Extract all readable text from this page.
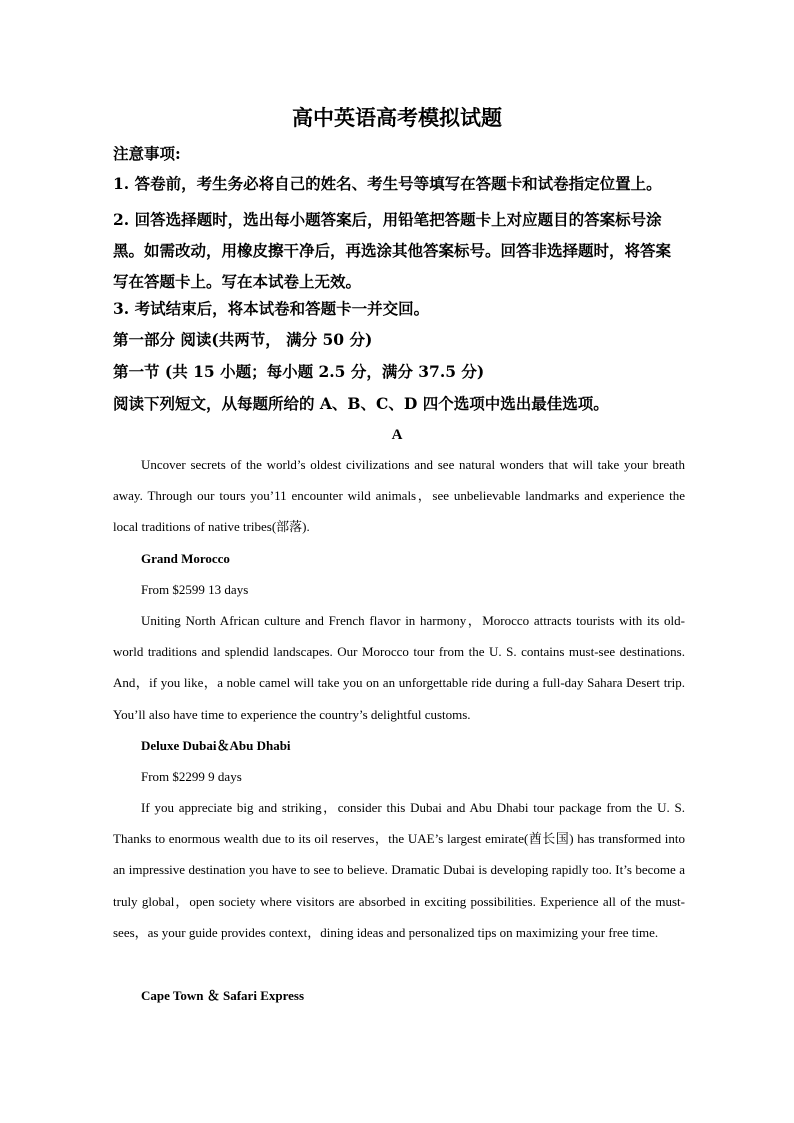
高中英语高考模拟试题
注意事项:
1. 答卷前，考生务必将自己的姓名、考生号等填写在答题卡和试卷指定位置上。
2. 回答选择题时，选出每小题答案后，用铅笔把答题卡上对应题目的答案标号涂黑。如需改动，用橡皮擦干净后，再选涂其他答案标号。回答非选择题时，将答案写在答题卡上。写在本试卷上无效。
3. 考试结束后，将本试卷和答题卡一并交回。
第一部分 阅读(共两节， 满分 50 分)
第一节 (共 15 小题；每小题 2.5 分，满分 37.5 分)
阅读下列短文，从每题所给的 A、B、C、D 四个选项中选出最佳选项。
A
Uncover secrets of the world’s oldest civilizations and see natural wonders that will take your breath away. Through our tours you’11 encounter wild animals，see unbelievable landmarks and experience the local traditions of native tribes(部落).
Grand Morocco
From $2599 13 days
Uniting North African culture and French flavor in harmony，Morocco attracts tourists with its old-world traditions and splendid landscapes. Our Morocco tour from the U. S. contains must-see destinations. And，if you like，a noble camel will take you on an unforgettable ride during a full-day Sahara Desert trip. You’ll also have time to experience the country’s delightful customs.
Deluxe Dubai＆Abu Dhabi
From $2299 9 days
If you appreciate big and striking，consider this Dubai and Abu Dhabi tour package from the U. S. Thanks to enormous wealth due to its oil reserves，the UAE’s largest emirate(酋长国) has transformed into an impressive destination you have to see to believe. Dramatic Dubai is developing rapidly too. It’s become a truly global，open society where visitors are absorbed in exciting possibilities. Experience all of the must-sees，as your guide provides context，dining ideas and personalized tips on maximizing your free time.
Cape Town ＆ Safari Express
